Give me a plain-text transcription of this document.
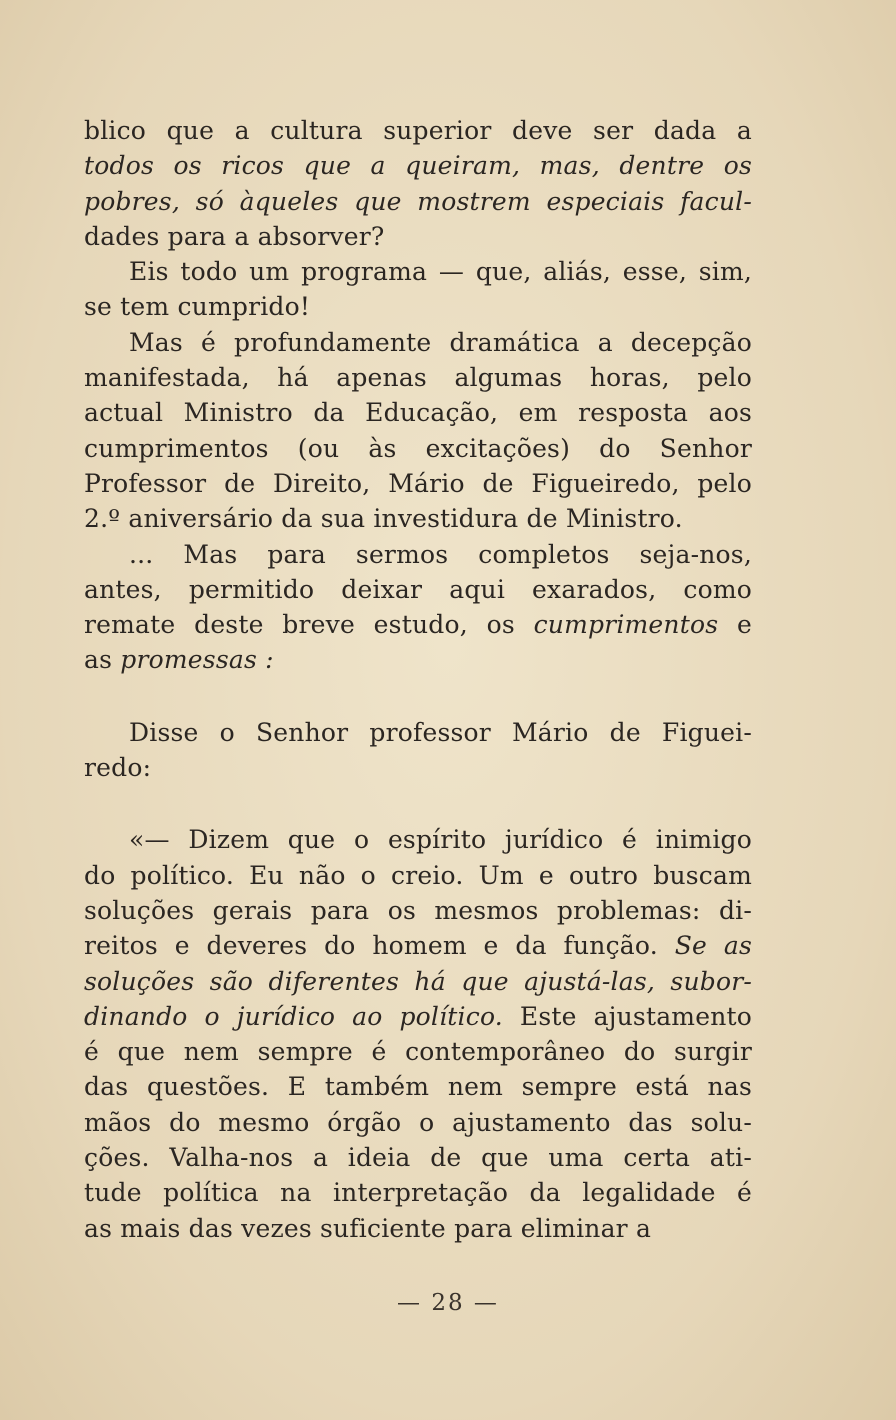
blico que a cultura superior deve ser dada a
todos os ricos que a queiram, mas, dentre os
pobres, só àqueles que mostrem especiais facul-
dades para a absorver?
Eis todo um programa — que, aliás, esse, sim,
se tem cumprido!
Mas é profundamente dramática a decepção
manifestada, há apenas algumas horas, pelo
actual Ministro da Educação, em resposta aos
cumprimentos (ou às excitações) do Senhor
Professor de Direito, Mário de Figueiredo, pelo
2.º aniversário da sua investidura de Ministro.
... Mas para sermos completos seja-nos,
antes, permitido deixar aqui exarados, como
remate deste breve estudo, os cumprimentos e
as promessas :
Disse o Senhor professor Mário de Figuei-
redo:
«— Dizem que o espírito jurídico é inimigo
do político. Eu não o creio. Um e outro buscam
soluções gerais para os mesmos problemas: di-
reitos e deveres do homem e da função. Se as
soluções são diferentes há que ajustá-las, subor-
dinando o jurídico ao político. Este ajustamento
é que nem sempre é contemporâneo do surgir
das questões. E também nem sempre está nas
mãos do mesmo órgão o ajustamento das solu-
ções. Valha-nos a ideia de que uma certa ati-
tude política na interpretação da legalidade é
as mais das vezes suficiente para eliminar a
— 28 —
